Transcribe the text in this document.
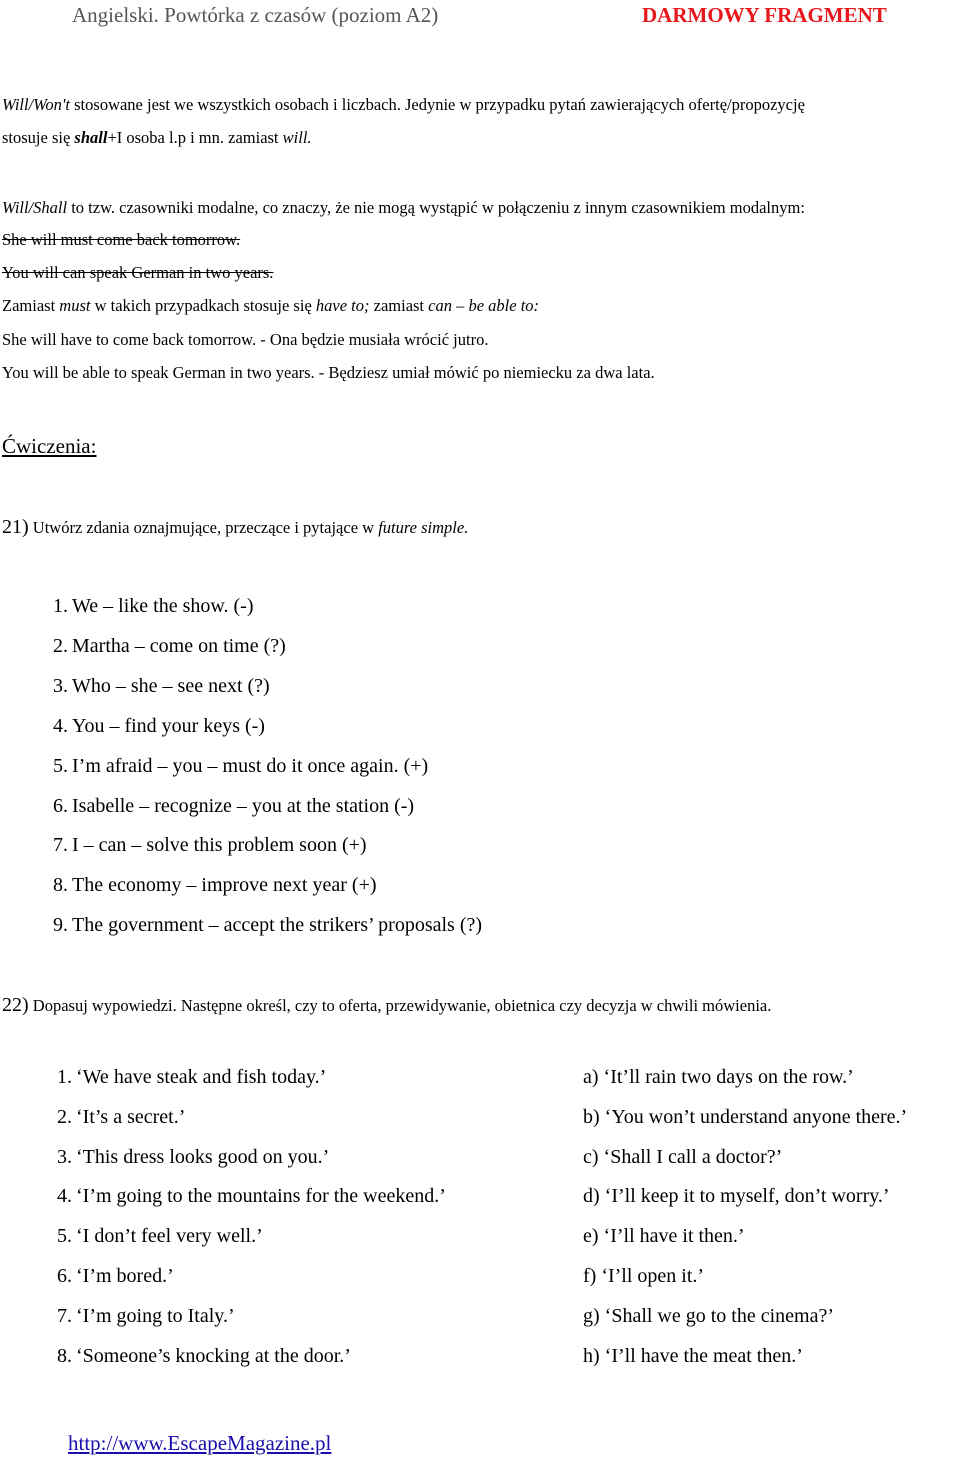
Angielski. Powtórka z czasów (poziom A2)	DARMOWY FRAGMENT
Will/Won't stosowane jest we wszystkich osobach i liczbach. Jedynie w przypadku pytań zawierających ofertę/propozycję
stosuje się shall+I osoba l.p i mn. zamiast will.
Will/Shall to tzw. czasowniki modalne, co znaczy, że nie mogą wystąpić w połączeniu z innym czasownikiem modalnym:
She will must come back tomorrow.
You will can speak German in two years.
Zamiast must w takich przypadkach stosuje się have to; zamiast can – be able to:
She will have to come back tomorrow. - Ona będzie musiała wrócić jutro.
You will be able to speak German in two years. - Będziesz umiał mówić po niemiecku za dwa lata.
Ćwiczenia:
21) Utwórz zdania oznajmujące, przeczące i pytające w future simple.
1. We – like the show. (-)
2. Martha – come on time (?)
3. Who – she – see next (?)
4. You – find your keys (-)
5. I’m afraid – you – must do it once again. (+)
6. Isabelle – recognize – you at the station (-)
7. I – can – solve this problem soon (+)
8. The economy – improve next year (+)
9. The government – accept the strikers’ proposals (?)
22) Dopasuj wypowiedzi. Następne określ, czy to oferta, przewidywanie, obietnica czy decyzja w chwili mówienia.
1. ‘We have steak and fish today.’
2. ‘It’s a secret.’
3. ‘This dress looks good on you.’
4. ‘I’m going to the mountains for the weekend.’
5. ‘I don’t feel very well.’
6. ‘I’m bored.’
7. ‘I’m going to Italy.’
8. ‘Someone’s knocking at the door.’
a) ‘It’ll rain two days on the row.’
b) ‘You won’t understand anyone there.’
c) ‘Shall I call a doctor?’
d) ‘I’ll keep it to myself, don’t worry.’
e) ‘I’ll have it then.’
f) ‘I’ll open it.’
g) ‘Shall we go to the cinema?’
h) ‘I’ll have the meat then.’
http://www.EscapeMagazine.pl
